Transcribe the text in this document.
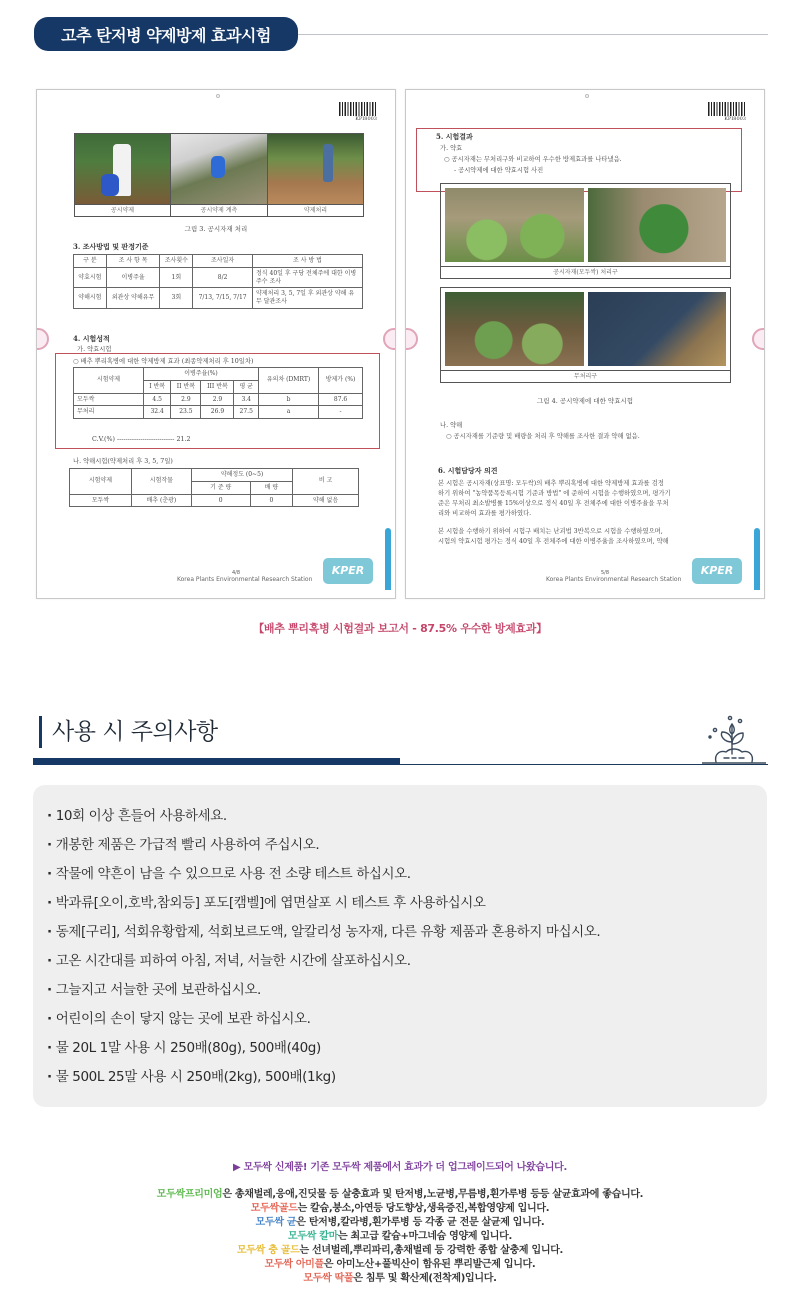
고추 탄저병 약제방제 효과시험
KPI8003
공시약제	공시약제 계측	약제처리
그림 3. 공시자재 처리
3. 조사방법 및 판정기준
구 분	조 사 항 목	조사횟수	조사일자	조 사 방 법
약효시험	이병주율	1회	8/2	정식 40일 후 구당 전체주에 대한 이병주수 조사
약해시험	외관상 약해유무	3회	7/13, 7/15, 7/17	약제처리 3, 5, 7일 후 외관상 약해 유무 달관조사
4. 시험성적
가. 약효시험
○ 배추 뿌리혹병에 대한 약제방제 효과 (최종약제처리 후 10일차)
시험약제	이병주율(%)				유의차 (DMRT)	방제가 (%)
	I 반복	II 반복	III 반복	평 균		
모두싹	4.5	2.9	2.9	3.4	b	87.6
무처리	32.4	23.5	26.9	27.5	a	-
C.V.(%) --------------------------- 21.2
나. 약해시험(약제처리 후 3, 5, 7일)
시험약제	시험작물	약해정도 (0~5)		비 고
		기 준 량	배 량	
모두싹	배추 (춘광)	0	0	약해 없음
4/8
Korea Plants Environmental Research Station
KPER
KPI8003
5. 시험결과
가. 약효
○ 공시자재는 무처리구와 비교하여 우수한 방제효과를 나타냈음.
- 공시약제에 대한 약효시험 사진
공시자재(모두싹) 처리구
무처리구
그림 4. 공시약제에 대한 약효시험
나. 약해
○ 공시자재를 기준량 및 배량을 처리 후 약해를 조사한 결과 약해 없음.
6. 시험담당자 의견
본 시험은 공시자재(상표명: 모두싹)의 배추 뿌리혹병에 대한 약제방제 효과를 검정
하기 위하여 "농약품목등록시험 기준과 방법" 에 준하여 시험을 수행하였으며, 평가기
준은 무처리 최소발병률 15%이상으로 정식 40일 후 전체주에 대한 이병주율을 무처
리와 비교하여 효과를 평가하였다.
본 시험을 수행하기 위하여 시험구 배치는 난괴법 3반복으로 시험을 수행하였으며,
시험의 약효시험 평가는 정식 40일 후 전체주에 대한 이병주율을 조사하였으며, 약해
5/8
Korea Plants Environmental Research Station
KPER
【배추 뿌리혹병 시험결과 보고서 - 87.5% 우수한 방제효과】
사용 시 주의사항
· 10회 이상 흔들어 사용하세요.
· 개봉한 제품은 가급적 빨리 사용하여 주십시오.
· 작물에 약흔이 남을 수 있으므로 사용 전 소량 테스트 하십시오.
· 박과류[오이,호박,참외등] 포도[캠벨]에 엽면살포 시 테스트 후 사용하십시오
· 동제[구리], 석회유황합제, 석회보르도액, 알칼리성 농자재, 다른 유황 제품과 혼용하지 마십시오.
· 고온 시간대를 피하여 아침, 저녁, 서늘한 시간에 살포하십시오.
· 그늘지고 서늘한 곳에 보관하십시오.
· 어린이의 손이 닿지 않는 곳에 보관 하십시오.
· 물 20L 1말 사용 시 250배(80g), 500배(40g)
· 물 500L 25말 사용 시 250배(2kg), 500배(1kg)
▶ 모두싹 신제품! 기존 모두싹 제품에서 효과가 더 업그레이드되어 나왔습니다.
모두싹프리미엄은 총채벌레,응애,진딧물 등 살충효과 및 탄저병,노균병,무름병,흰가루병 등등 살균효과에 좋습니다.
모두싹골드는 칼슘,붕소,아연등 당도향상,생육증진,복합영양제 입니다.
모두싹 균은 탄저병,칼라병,흰가루병 등 각종 균 전문 살균제 입니다.
모두싹 칼마는 최고급 칼슘+마그네슘 영양제 입니다.
모두싹 충 골드는 선녀벌레,뿌리파리,총채벌레 등 강력한 종합 살충제 입니다.
모두싹 아미플은 아미노산+풀빅산이 함유된 뿌리발근제 입니다.
모두싹 딱풀은 침투 및 확산제(전착제)입니다.
